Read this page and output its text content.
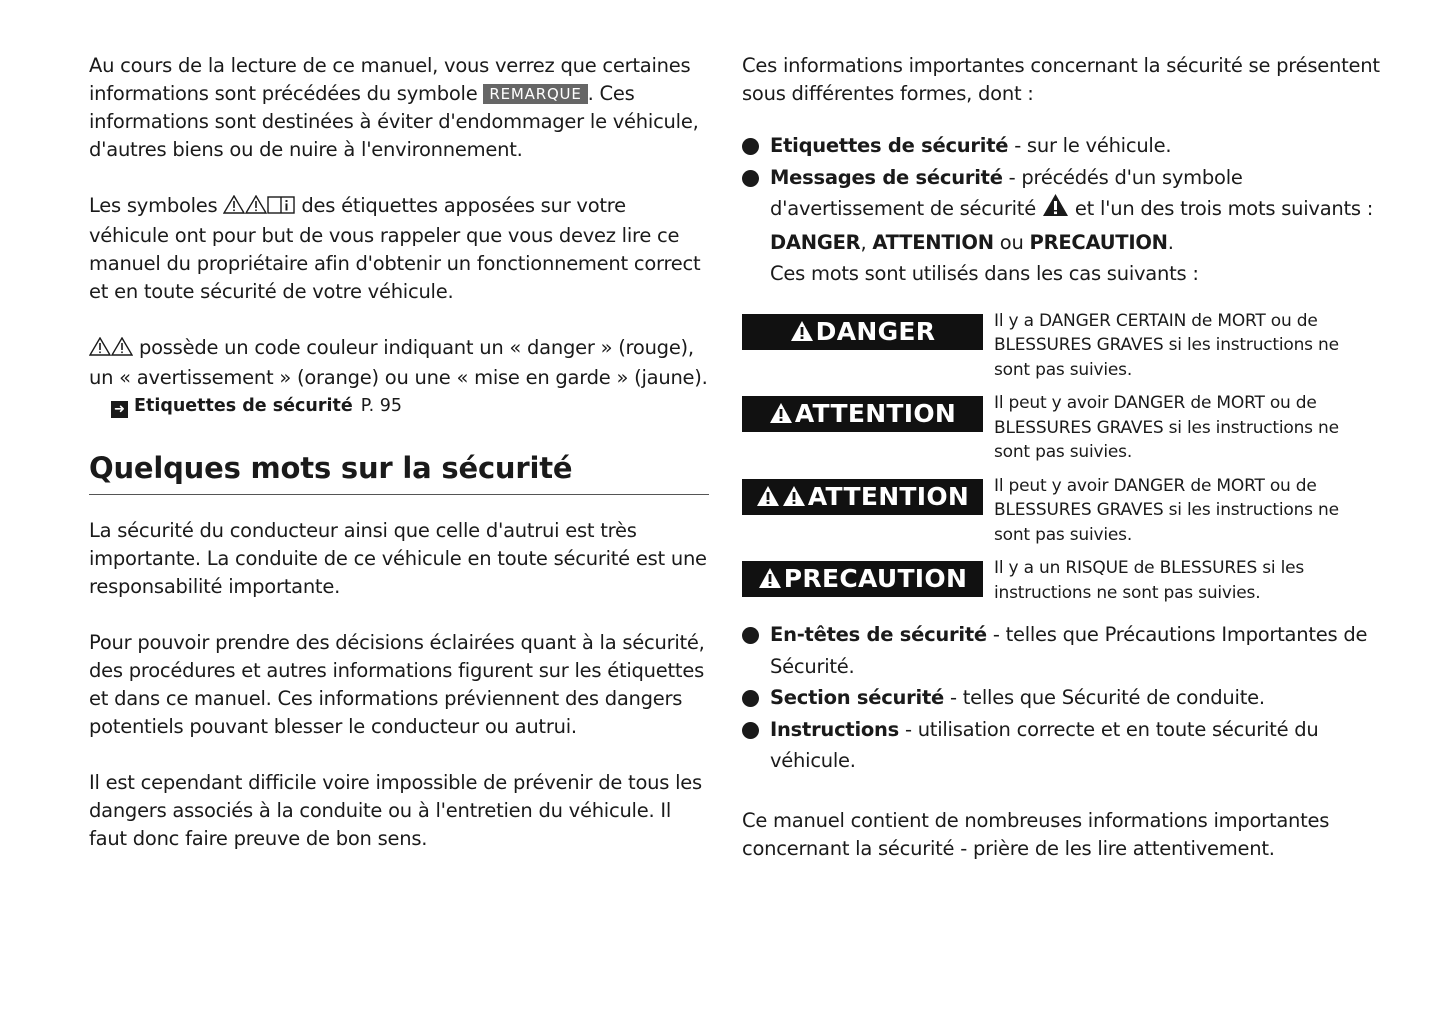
Au cours de la lecture de ce manuel, vous verrez que certaines informations sont précédées du symbole REMARQUE . Ces informations sont destinées à éviter d'endommager le véhicule, d'autres biens ou de nuire à l'environnement.

Les symboles	des étiquettes apposées sur votre véhicule ont pour but de vous rappeler que vous devez lire ce manuel du propriétaire afin d'obtenir un fonctionnement correct et en toute sécurité de votre véhicule.

possède un code couleur indiquant un « danger » (rouge), un « avertissement » (orange) ou une « mise en garde » (jaune).

➜ Etiquettes de sécurité P. 95
Quelques mots sur la sécurité

La sécurité du conducteur ainsi que celle d'autrui est très importante. La conduite de ce véhicule en toute sécurité est une responsabilité importante.

Pour pouvoir prendre des décisions éclairées quant à la sécurité, des procédures et autres informations figurent sur les étiquettes et dans ce manuel. Ces informations préviennent des dangers potentiels pouvant blesser le conducteur ou autrui.

Il est cependant difficile voire impossible de prévenir de tous les dangers associés à la conduite ou à l'entretien du véhicule. Il faut donc faire preuve de bon sens.

Ces informations importantes concernant la sécurité se présentent sous différentes formes, dont :

Etiquettes de sécurité - sur le véhicule.
Messages de sécurité - précédés d'un symbole d'avertissement de sécurité  et l'un des trois mots suivants : DANGER, ATTENTION ou PRECAUTION.
Ces mots sont utilisés dans les cas suivants :
DANGER	Il y a DANGER CERTAIN de MORT ou de BLESSURES GRAVES si les instructions ne sont pas suivies.
ATTENTION	Il peut y avoir DANGER de MORT ou de BLESSURES GRAVES si les instructions ne sont pas suivies.
ATTENTION	Il peut y avoir DANGER de MORT ou de BLESSURES GRAVES si les instructions ne sont pas suivies.
PRECAUTION	Il y a un RISQUE de BLESSURES si les instructions ne sont pas suivies.
En-têtes de sécurité - telles que Précautions Importantes de Sécurité.
Section sécurité - telles que Sécurité de conduite.
Instructions - utilisation correcte et en toute sécurité du véhicule.

Ce manuel contient de nombreuses informations importantes concernant la sécurité - prière de les lire attentivement.
